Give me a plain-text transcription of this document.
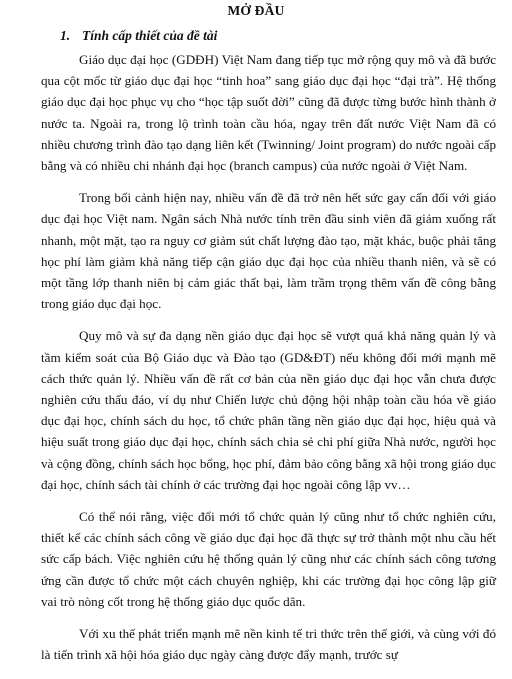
MỞ ĐẦU
1. Tính cấp thiết của đề tài

Giáo dục đại học (GDĐH) Việt Nam đang tiếp tục mở rộng quy mô và đã bước qua cột mốc từ giáo dục đại học “tinh hoa” sang giáo dục đại học “đại trà”. Hệ thống giáo dục đại học phục vụ cho “học tập suốt đời” cũng đã được từng bước hình thành ở nước ta. Ngoài ra, trong lộ trình toàn cầu hóa, ngay trên đất nước Việt Nam đã có nhiều chương trình đào tạo dạng liên kết (Twinning/ Joint program) do nước ngoài cấp bằng và có nhiều chi nhánh đại học (branch campus) của nước ngoài ở Việt Nam.

Trong bối cảnh hiện nay, nhiều vấn đề đã trở nên hết sức gay cấn đối với giáo dục đại học Việt nam. Ngân sách Nhà nước tính trên đầu sinh viên đã giảm xuống rất nhanh, một mặt, tạo ra nguy cơ giảm sút chất lượng đào tạo, mặt khác, buộc phải tăng học phí làm giảm khả năng tiếp cận giáo dục đại học của nhiều thanh niên, và sẽ có một tầng lớp thanh niên bị cảm giác thất bại, làm trầm trọng thêm vấn đề công bằng trong giáo dục đại học.

Quy mô và sự đa dạng nền giáo dục đại học sẽ vượt quá khả năng quản lý và tầm kiểm soát của Bộ Giáo dục và Đào tạo (GD&ĐT) nếu không đổi mới mạnh mẽ cách thức quản lý. Nhiều vấn đề rất cơ bản của nền giáo dục đại học vẫn chưa được nghiên cứu thấu đáo, ví dụ như Chiến lược chủ động hội nhập toàn cầu hóa về giáo dục đại học, chính sách du học, tổ chức phân tầng nền giáo dục đại học, hiệu quả và hiệu suất trong giáo dục đại học, chính sách chia sẻ chi phí giữa Nhà nước, người học và cộng đồng, chính sách học bổng, học phí, đảm bảo công bằng xã hội trong giáo dục đại học, chính sách tài chính ở các trường đại học ngoài công lập vv…

Có thể nói rằng, việc đổi mới tổ chức quản lý cũng như tổ chức nghiên cứu, thiết kế các chính sách công về giáo dục đại học đã thực sự trở thành một nhu cầu hết sức cấp bách. Việc nghiên cứu hệ thống quản lý cũng như các chính sách công tương ứng cần được tổ chức một cách chuyên nghiệp, khi các trường đại học công lập giữ vai trò nòng cốt trong hệ thống giáo dục quốc dân.

Với xu thế phát triển mạnh mẽ nền kinh tế tri thức trên thế giới, và cùng với đó là tiến trình xã hội hóa giáo dục ngày càng được đẩy mạnh, trước sự
